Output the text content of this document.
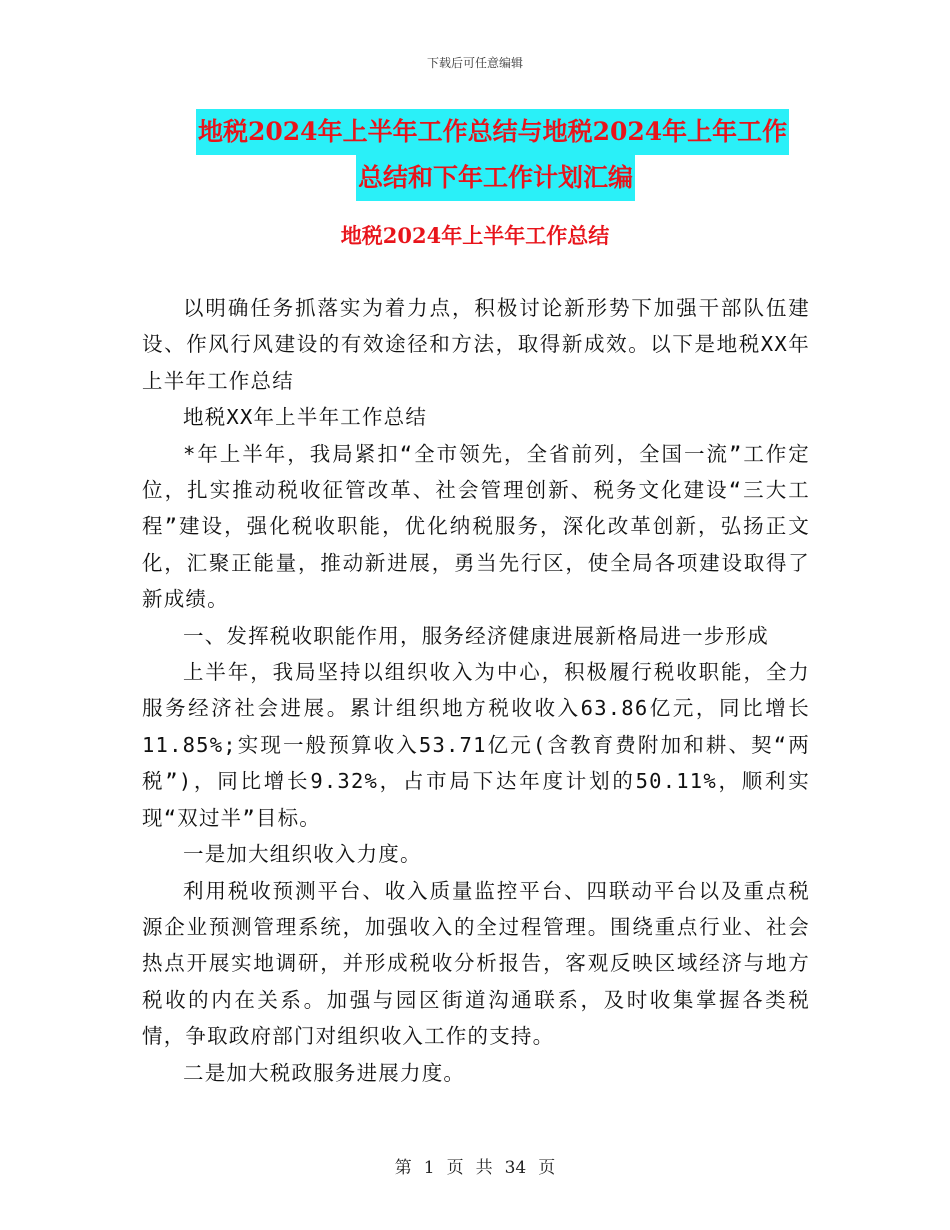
下载后可任意编辑
地税2024年上半年工作总结与地税2024年上年工作
总结和下年工作计划汇编
地税2024年上半年工作总结

以明确任务抓落实为着力点，积极讨论新形势下加强干部队伍建设、作风行风建设的有效途径和方法，取得新成效。以下是地税XX年上半年工作总结

地税XX年上半年工作总结

*年上半年，我局紧扣“全市领先，全省前列，全国一流”工作定位，扎实推动税收征管改革、社会管理创新、税务文化建设“三大工程”建设，强化税收职能，优化纳税服务，深化改革创新，弘扬正文化，汇聚正能量，推动新进展，勇当先行区，使全局各项建设取得了新成绩。

一、发挥税收职能作用，服务经济健康进展新格局进一步形成

上半年，我局坚持以组织收入为中心，积极履行税收职能，全力服务经济社会进展。累计组织地方税收收入63.86亿元，同比增长11.85%;实现一般预算收入53.71亿元(含教育费附加和耕、契“两税”)，同比增长9.32%，占市局下达年度计划的50.11%，顺利实现“双过半”目标。

一是加大组织收入力度。

利用税收预测平台、收入质量监控平台、四联动平台以及重点税源企业预测管理系统，加强收入的全过程管理。围绕重点行业、社会热点开展实地调研，并形成税收分析报告，客观反映区域经济与地方税收的内在关系。加强与园区街道沟通联系，及时收集掌握各类税情，争取政府部门对组织收入工作的支持。

二是加大税政服务进展力度。

第 1 页 共 34 页
